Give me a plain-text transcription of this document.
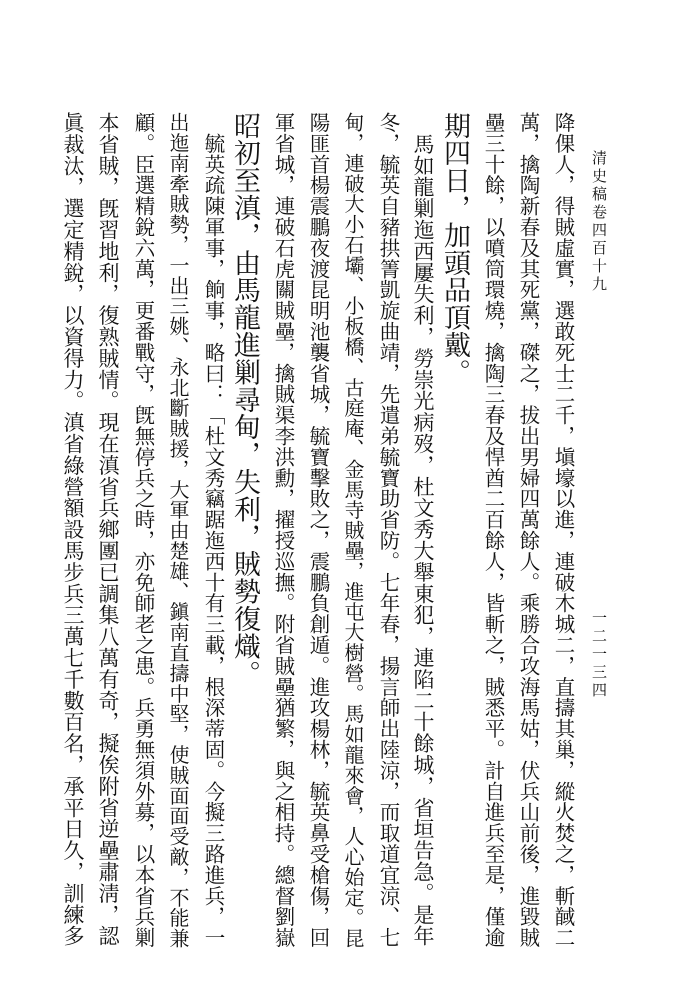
清史稿卷四百十九
一二一三四
降倮人，得賊虛實，選敢死士二千，塡壕以進，連破木城二，直擣其巢，縱火焚之，斬馘二
萬，擒陶新春及其死黨，磔之，拔出男婦四萬餘人。乘勝合攻海馬姑，伏兵山前後，進毀賊
壘三十餘，以噴筒環燒，擒陶三春及悍酋二百餘人，皆斬之，賊悉平。計自進兵至是，僅逾
期四日，加頭品頂戴。
　馬如龍剿迤西屢失利，勞崇光病歿，杜文秀大舉東犯，連陷二十餘城，省垣告急。是年
冬，毓英自豬拱箐凱旋曲靖，先遣弟毓寶助省防。七年春，揚言師出陸涼，而取道宜涼、七
甸，連破大小石壩、小板橋、古庭庵、金馬寺賊壘，進屯大樹營。馬如龍來會，人心始定。昆
陽匪首楊震鵬夜渡昆明池襲省城，毓寶擊敗之，震鵬負創遁。進攻楊林，毓英鼻受槍傷，回
軍省城，連破石虎關賊壘，擒賊渠李洪勳，擢授巡撫。附省賊壘猶繁，與之相持。總督劉嶽
昭初至滇，由馬龍進剿尋甸，失利，賊勢復熾。
　毓英疏陳軍事，餉事，略曰：「杜文秀竊踞迤西十有三載，根深蒂固。今擬三路進兵，一
出迤南牽賊勢，一出三姚、永北斷賊援，大軍由楚雄、鎭南直擣中堅，使賊面面受敵，不能兼
顧。臣選精銳六萬，更番戰守，旣無停兵之時，亦免師老之患。兵勇無須外募，以本省兵剿
本省賊，旣習地利，復熟賊情。現在滇省兵鄉團已調集八萬有奇，擬俟附省逆壘肅淸，認
眞裁汰，選定精銳，以資得力。滇省綠營額設馬步兵三萬七千數百名，承平日久，訓練多
